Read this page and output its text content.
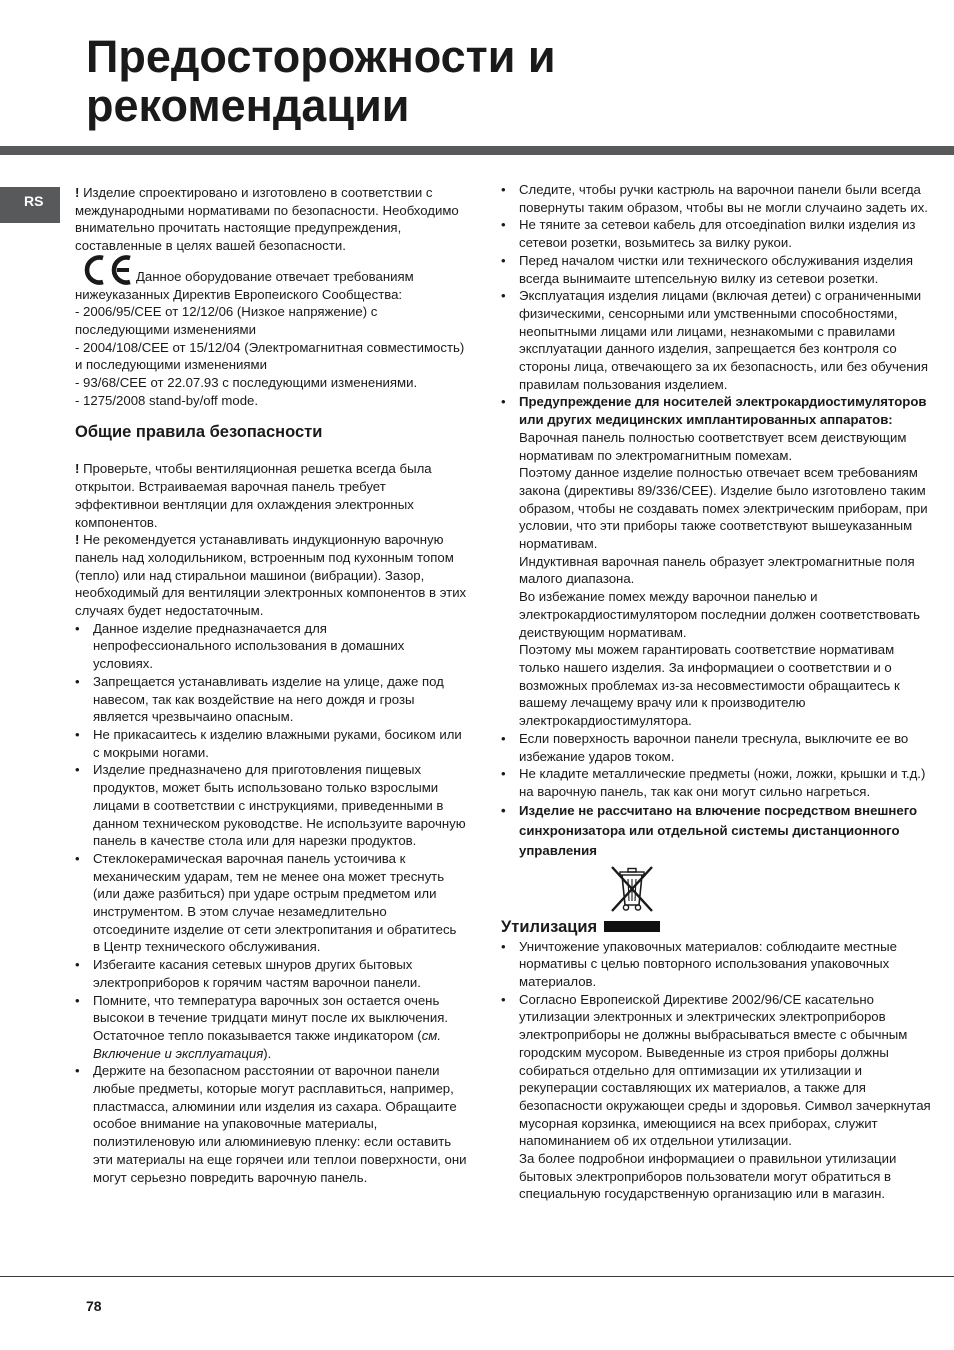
Предосторожности и
рекомендации
RS

! Изделие спроектировано и изготовлено в соответствии с международными нормативами по безопасности. Необходимо внимательно прочитать настоящие предупреждения, составленные в целях вашей безопасности.

Данное оборудование отвечает требованиям нижеуказанных Директив Европеиского Сообщества:

- 2006/95/CEE от 12/12/06 (Низкое напряжение) с последующими изменениями

- 2004/108/CEE от 15/12/04 (Электромагнитная совместимость) и последующими изменениями

- 93/68/CEE от 22.07.93 с последующими изменениями.

- 1275/2008 stand-by/off mode.

Общие правила безопасности

! Проверьте, чтобы вентиляционная решетка всегда была открытои. Встраиваемая варочная панель требует эффективнои вентляции для охлаждения электронных компонентов.

! Не рекомендуется устанавливать индукционную варочную панель над холодильником, встроенным под кухонным топом (тепло) или над стиральнои машинои (вибрации). Зазор, необходимый для вентиляции электронных компонентов в этих случаях будет недостаточным.

• Данное изделие предназначается для непрофессионального использования в домашних условиях.
• Запрещается устанавливать изделие на улице, даже под навесом, так как воздействие на него дождя и грозы является чрезвычаино опасным.
• Не прикасаитесь к изделию влажными руками, босиком или с мокрыми ногами.
• Изделие предназначено для приготовления пищевых продуктов, может быть использовано только взрослыми лицами в соответствии с инструкциями, приведенными в данном техническом руководстве. Не используите варочную панель в качестве стола или для нарезки продуктов.
• Стеклокерамическая варочная панель устоичива к механическим ударам, тем не менее она может треснуть (или даже разбиться) при ударе острым предметом или инструментом. В этом случае незамедлительно отсоедините изделие от сети электропитания и обратитесь в Центр технического обслуживания.
• Избегаите касания сетевых шнуров других бытовых электроприборов к горячим частям варочнои панели.
• Помните, что температура варочных зон остается очень высокои в течение тридцати минут после их выключения. Остаточное тепло показывается также индикатором (см. Включение и эксплуатация).
• Держите на безопасном расстоянии от варочнои панели любые предметы, которые могут расплавиться, например, пластмасса, алюминии или изделия из сахара. Обращаите особое внимание на упаковочные материалы, полиэтиленовую или алюминиевую пленку: если оставить эти материалы на еще горячеи или теплои поверхности, они могут серьезно повредить варочную панель.
• Следите, чтобы ручки кастрюль на варочнои панели были всегда повернуты таким образом, чтобы вы не могли случаино задеть их.
• Не тяните за сетевои кабель для отсоедination вилки изделия из сетевои розетки, возьмитесь за вилку рукои.
• Перед началом чистки или технического обслуживания изделия всегда вынимаите штепсельную вилку из сетевои розетки.
• Эксплуатация изделия лицами (включая детеи) с ограниченными физическими, сенсорными или умственными способностями, неопытными лицами или лицами, незнакомыми с правилами эксплуатации данного изделия, запрещается без контроля со стороны лица, отвечающего за их безопасность, или без обучения правилам пользования изделием.

• Предупреждение для носителей электрокардиостимуляторов или других медицинских имплантированных аппаратов:

Варочная панель полностью соответствует всем деиствующим нормативам по электромагнитным помехам.

Поэтому данное изделие полностью отвечает всем требованиям закона (директивы 89/336/CEE). Изделие было изготовлено таким образом, чтобы не создавать помех электрическим приборам, при условии, что эти приборы также соответствуют вышеуказанным нормативам.

Индуктивная варочная панель образует электромагнитные поля малого диапазона.

Во избежание помех между варочнои панелью и электрокардиостимулятором последнии должен соответствовать деиствующим нормативам.

Поэтому мы можем гарантировать соответствие нормативам только нашего изделия. За информациеи о соответствии и о возможных проблемах из-за несовместимости обращаитесь к вашему лечащему врачу или к производителю электрокардиостимулятора.

• Если поверхность варочнои панели треснула, выключите ее во избежание ударов током.
• Не кладите металлические предметы (ножи, ложки, крышки и т.д.) на варочную панель, так как они могут сильно нагреться.
• Изделие не рассчитано на влючение посредством внешнего синхронизатора или отдельной системы дистанционного управления
Утилизация
• Уничтожение упаковочных материалов: соблюдаите местные нормативы с целью повторного использования упаковочных материалов.

• Согласно Европеиской Директиве 2002/96/CE касательно утилизации электронных и электрических электроприборов электроприборы не должны выбрасываться вместе с обычным городским мусором. Выведенные из строя приборы должны собираться отдельно для оптимизации их утилизации и рекуперации составляющих их материалов, а также для безопасности окружающеи среды и здоровья. Символ зачеркнутая мусорная корзинка, имеющиися на всех приборах, служит напоминанием об их отдельнои утилизации.

За более подробнои информациеи о правильнои утилизации бытовых электроприборов пользователи могут обратиться в специальную государственную организацию или в магазин.

78
